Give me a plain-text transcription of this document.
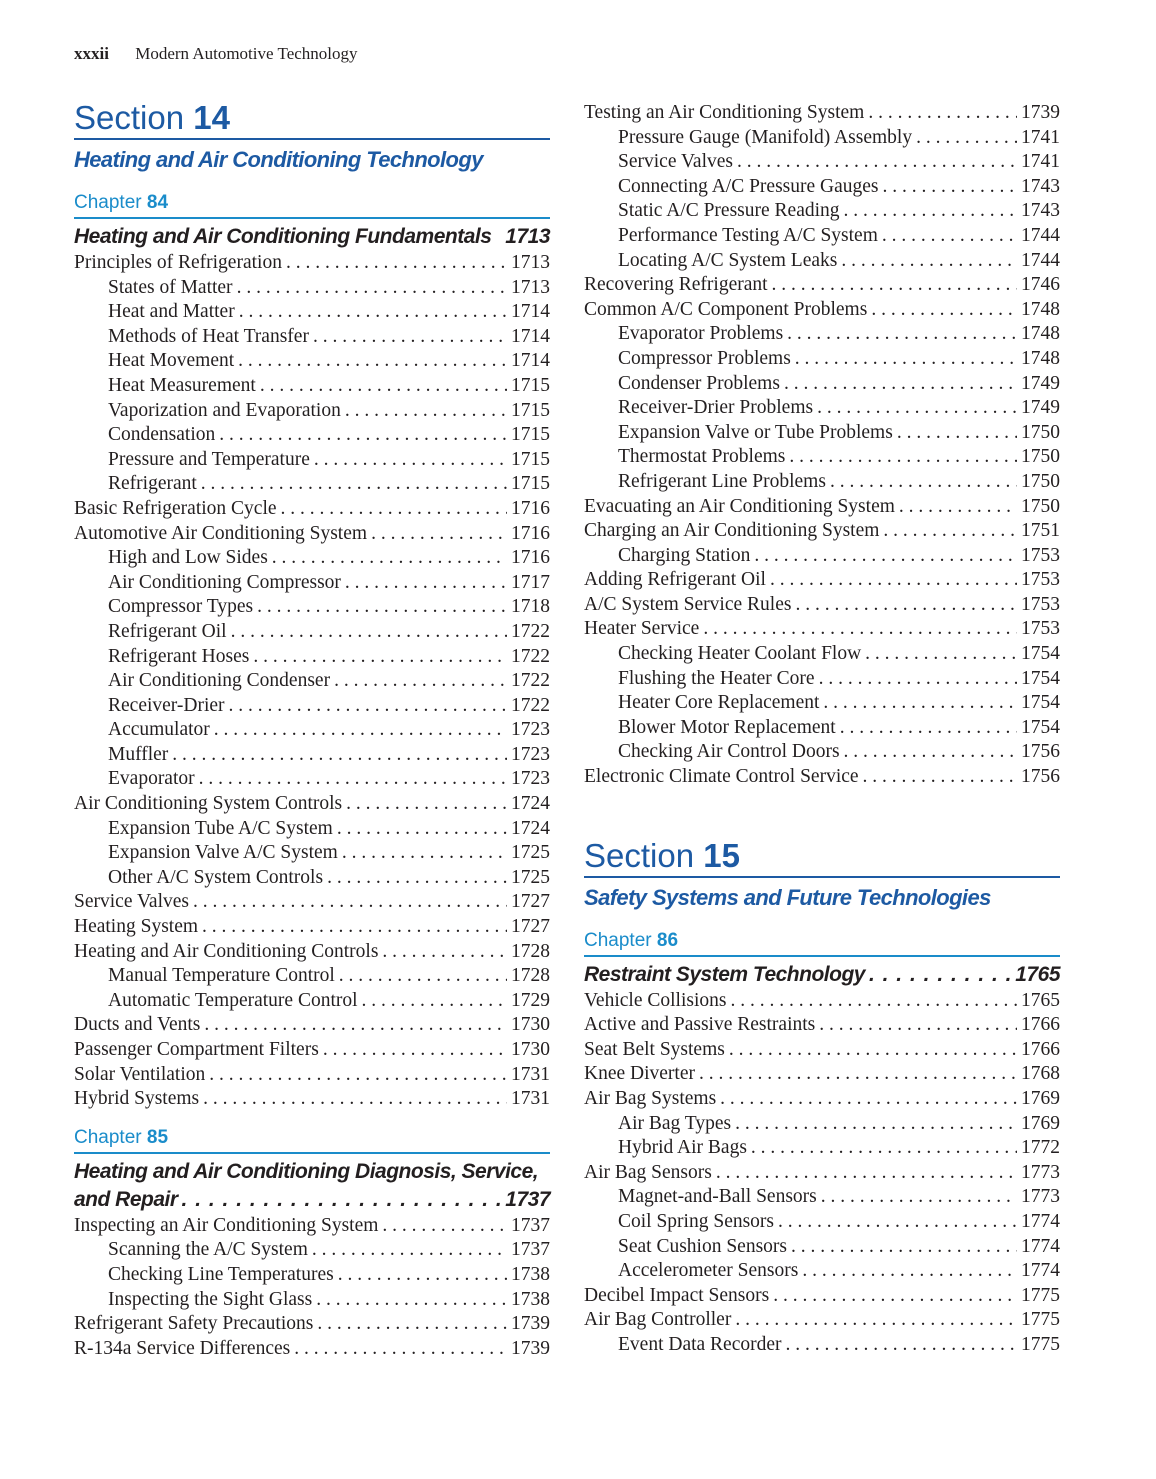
xxxii Modern Automotive Technology
Section 14
Heating and Air Conditioning Technology
Chapter 84
Heating and Air Conditioning Fundamentals 1713
Principles of Refrigeration . . .	1713
States of Matter . . .	1713
Heat and Matter . . .	1714
Methods of Heat Transfer . . .	1714
Heat Movement . . .	1714
Heat Measurement . . .	1715
Vaporization and Evaporation . . .	1715
Condensation . . .	1715
Pressure and Temperature . . .	1715
Refrigerant . . .	1715
Basic Refrigeration Cycle . . .	1716
Automotive Air Conditioning System . . .	1716
High and Low Sides . . .	1716
Air Conditioning Compressor . . .	1717
Compressor Types . . .	1718
Refrigerant Oil . . .	1722
Refrigerant Hoses . . .	1722
Air Conditioning Condenser . . .	1722
Receiver-Drier . . .	1722
Accumulator . . .	1723
Muffler . . .	1723
Evaporator . . .	1723
Air Conditioning System Controls . . .	1724
Expansion Tube A/C System . . .	1724
Expansion Valve A/C System . . .	1725
Other A/C System Controls . . .	1725
Service Valves . . .	1727
Heating System . . .	1727
Heating and Air Conditioning Controls . . .	1728
Manual Temperature Control . . .	1728
Automatic Temperature Control . . .	1729
Ducts and Vents . . .	1730
Passenger Compartment Filters . . .	1730
Solar Ventilation . . .	1731
Hybrid Systems . . .	1731
Chapter 85
Heating and Air Conditioning Diagnosis, Service,
and Repair . . .	1737
Inspecting an Air Conditioning System . . .	1737
Scanning the A/C System . . .	1737
Checking Line Temperatures . . .	1738
Inspecting the Sight Glass . . .	1738
Refrigerant Safety Precautions . . .	1739
R-134a Service Differences . . .	1739
Testing an Air Conditioning System . . .	1739
Pressure Gauge (Manifold) Assembly . . .	1741
Service Valves . . .	1741
Connecting A/C Pressure Gauges . . .	1743
Static A/C Pressure Reading . . .	1743
Performance Testing A/C System . . .	1744
Locating A/C System Leaks . . .	1744
Recovering Refrigerant . . .	1746
Common A/C Component Problems . . .	1748
Evaporator Problems . . .	1748
Compressor Problems . . .	1748
Condenser Problems . . .	1749
Receiver-Drier Problems . . .	1749
Expansion Valve or Tube Problems . . .	1750
Thermostat Problems . . .	1750
Refrigerant Line Problems . . .	1750
Evacuating an Air Conditioning System . . .	1750
Charging an Air Conditioning System . . .	1751
Charging Station . . .	1753
Adding Refrigerant Oil . . .	1753
A/C System Service Rules . . .	1753
Heater Service . . .	1753
Checking Heater Coolant Flow . . .	1754
Flushing the Heater Core . . .	1754
Heater Core Replacement . . .	1754
Blower Motor Replacement . . .	1754
Checking Air Control Doors . . .	1756
Electronic Climate Control Service . . .	1756
Section 15
Safety Systems and Future Technologies
Chapter 86
Restraint System Technology . . .	1765
Vehicle Collisions . . .	1765
Active and Passive Restraints . . .	1766
Seat Belt Systems . . .	1766
Knee Diverter . . .	1768
Air Bag Systems . . .	1769
Air Bag Types . . .	1769
Hybrid Air Bags . . .	1772
Air Bag Sensors . . .	1773
Magnet-and-Ball Sensors . . .	1773
Coil Spring Sensors . . .	1774
Seat Cushion Sensors . . .	1774
Accelerometer Sensors . . .	1774
Decibel Impact Sensors . . .	1775
Air Bag Controller . . .	1775
Event Data Recorder . . .	1775
